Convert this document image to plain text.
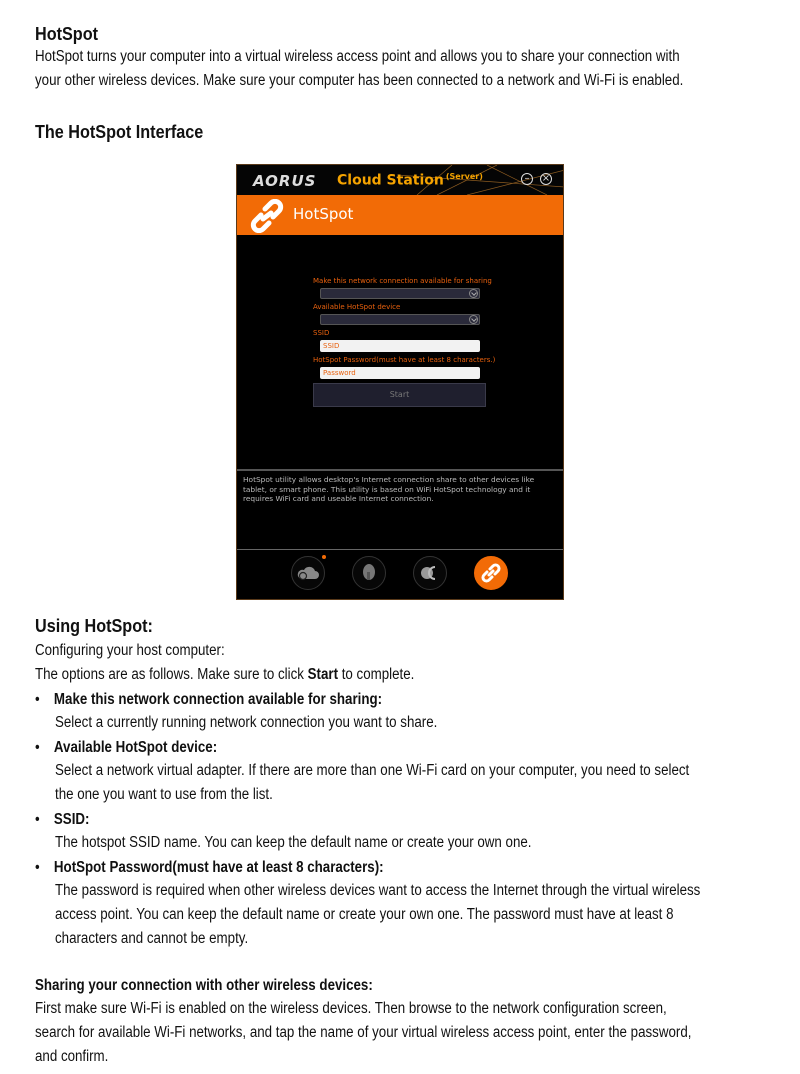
HotSpot
HotSpot turns your computer into a virtual wireless access point and allows you to share your connection with
your other wireless devices. Make sure your computer has been connected to a network and Wi-Fi is enabled.
The HotSpot Interface
AORUS Cloud Station $^{(Server)}$	–	×
HotSpot
Make this network connection available for sharing
Available HotSpot device
SSID
SSID
HotSpot Password(must have at least 8 characters.)
Password
Start
HotSpot utility allows desktop's Internet connection share to other devices like tablet, or smart phone. This utility is based on WiFi HotSpot technology and it requires WiFi card and useable Internet connection.
Using HotSpot:
Configuring your host computer:
The options are as follows. Make sure to click Start to complete.
• Make this network connection available for sharing:
Select a currently running network connection you want to share.
• Available HotSpot device:
Select a network virtual adapter. If there are more than one Wi-Fi card on your computer, you need to select
the one you want to use from the list.
• SSID:
The hotspot SSID name. You can keep the default name or create your own one.
• HotSpot Password(must have at least 8 characters):
The password is required when other wireless devices want to access the Internet through the virtual wireless
access point. You can keep the default name or create your own one. The password must have at least 8
characters and cannot be empty.
Sharing your connection with other wireless devices:
First make sure Wi-Fi is enabled on the wireless devices. Then browse to the network configuration screen,
search for available Wi-Fi networks, and tap the name of your virtual wireless access point, enter the password,
and confirm.
